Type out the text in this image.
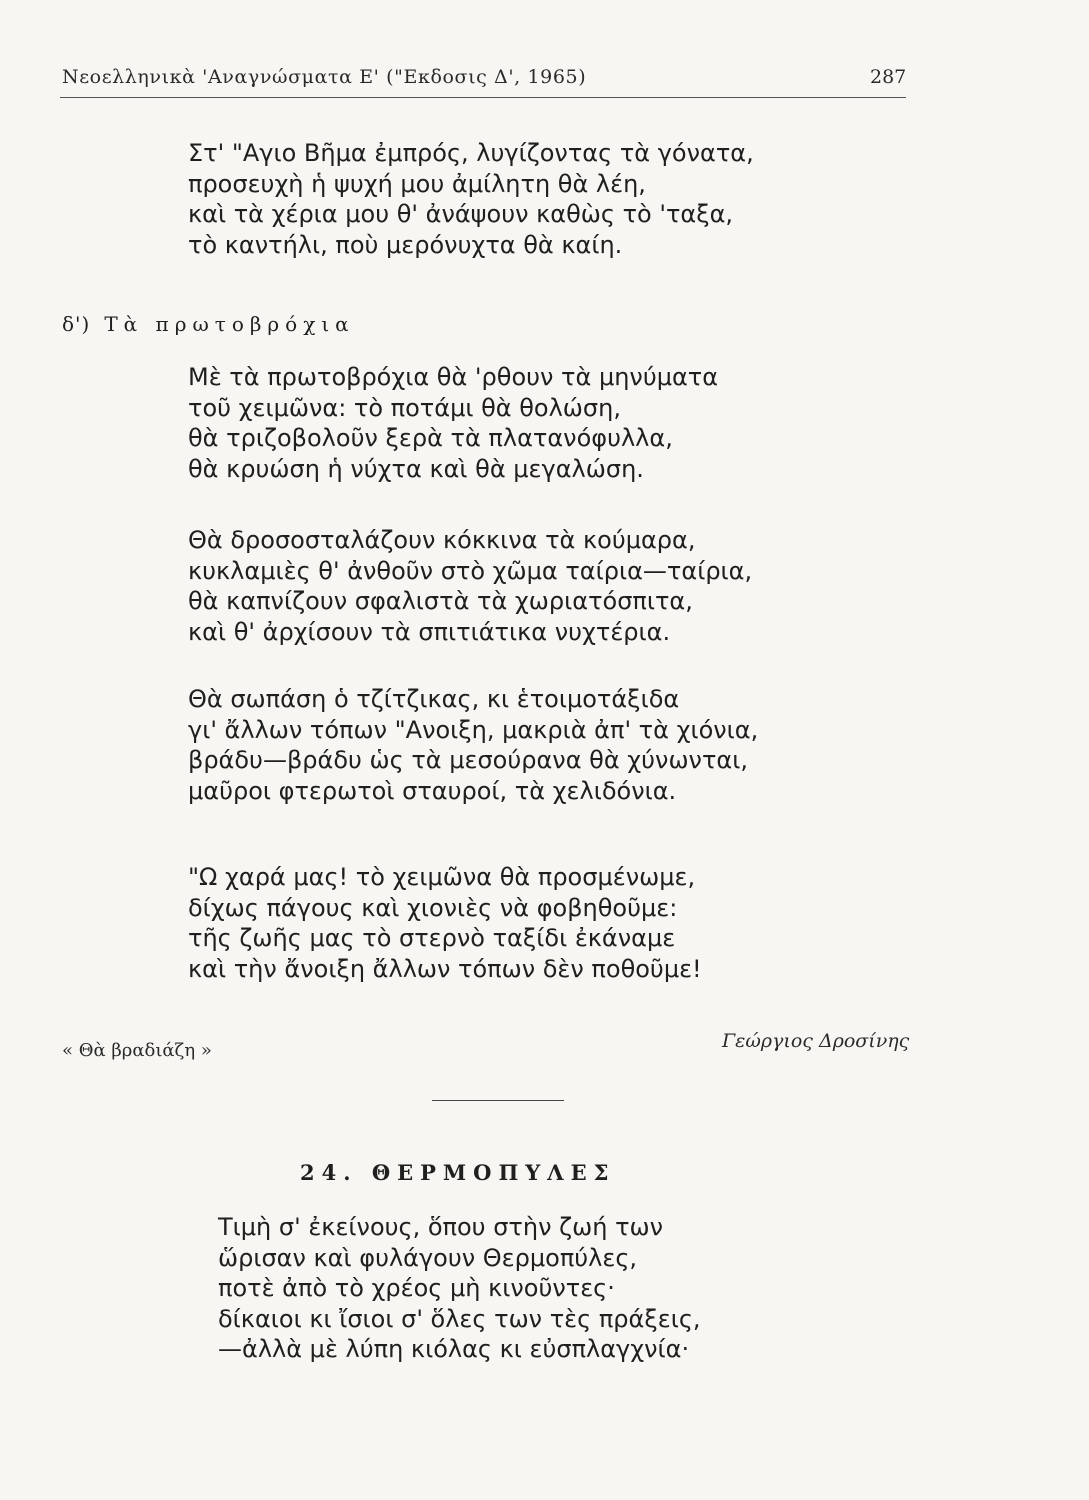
Νεοελληνικὰ 'Αναγνώσματα Ε' ("Εκδοσις Δ', 1965)	287
Στ' "Αγιο Βῆμα ἐμπρός, λυγίζοντας τὰ γόνατα,
προσευχὴ ἡ ψυχή μου ἀμίλητη θὰ λέη,
καὶ τὰ χέρια μου θ' ἀνάψουν καθὼς τὸ 'ταξα,
τὸ καντήλι, ποὺ μερόνυχτα θὰ καίη.
δ') Τὰ πρωτοβρόχια
Μὲ τὰ πρωτοβρόχια θὰ 'ρθουν τὰ μηνύματα
τοῦ χειμῶνα: τὸ ποτάμι θὰ θολώση,
θὰ τριζοβολοῦν ξερὰ τὰ πλατανόφυλλα,
θὰ κρυώση ἡ νύχτα καὶ θὰ μεγαλώση.
Θὰ δροσοσταλάζουν κόκκινα τὰ κούμαρα,
κυκλαμιὲς θ' ἀνθοῦν στὸ χῶμα ταίρια—ταίρια,
θὰ καπνίζουν σφαλιστὰ τὰ χωριατόσπιτα,
καὶ θ' ἀρχίσουν τὰ σπιτιάτικα νυχτέρια.
Θὰ σωπάση ὁ τζίτζικας, κι ἑτοιμοτάξιδα
γι' ἄλλων τόπων "Ανοιξη, μακριὰ ἀπ' τὰ χιόνια,
βράδυ—βράδυ ὡς τὰ μεσούρανα θὰ χύνωνται,
μαῦροι φτερωτοὶ σταυροί, τὰ χελιδόνια.
"Ω χαρά μας! τὸ χειμῶνα θὰ προσμένωμε,
δίχως πάγους καὶ χιονιὲς νὰ φοβηθοῦμε:
τῆς ζωῆς μας τὸ στερνὸ ταξίδι ἐκάναμε
καὶ τὴν ἄνοιξη ἄλλων τόπων δὲν ποθοῦμε!
« Θὰ βραδιάζη »	Γεώργιος Δροσίνης
24. ΘΕΡΜΟΠΥΛΕΣ
Τιμὴ σ' ἐκείνους, ὅπου στὴν ζωή των
ὥρισαν καὶ φυλάγουν Θερμοπύλες,
ποτὲ ἀπὸ τὸ χρέος μὴ κινοῦντες·
δίκαιοι κι ἴσιοι σ' ὅλες των τὲς πράξεις,
—ἀλλὰ μὲ λύπη κιόλας κι εὐσπλαγχνία·
